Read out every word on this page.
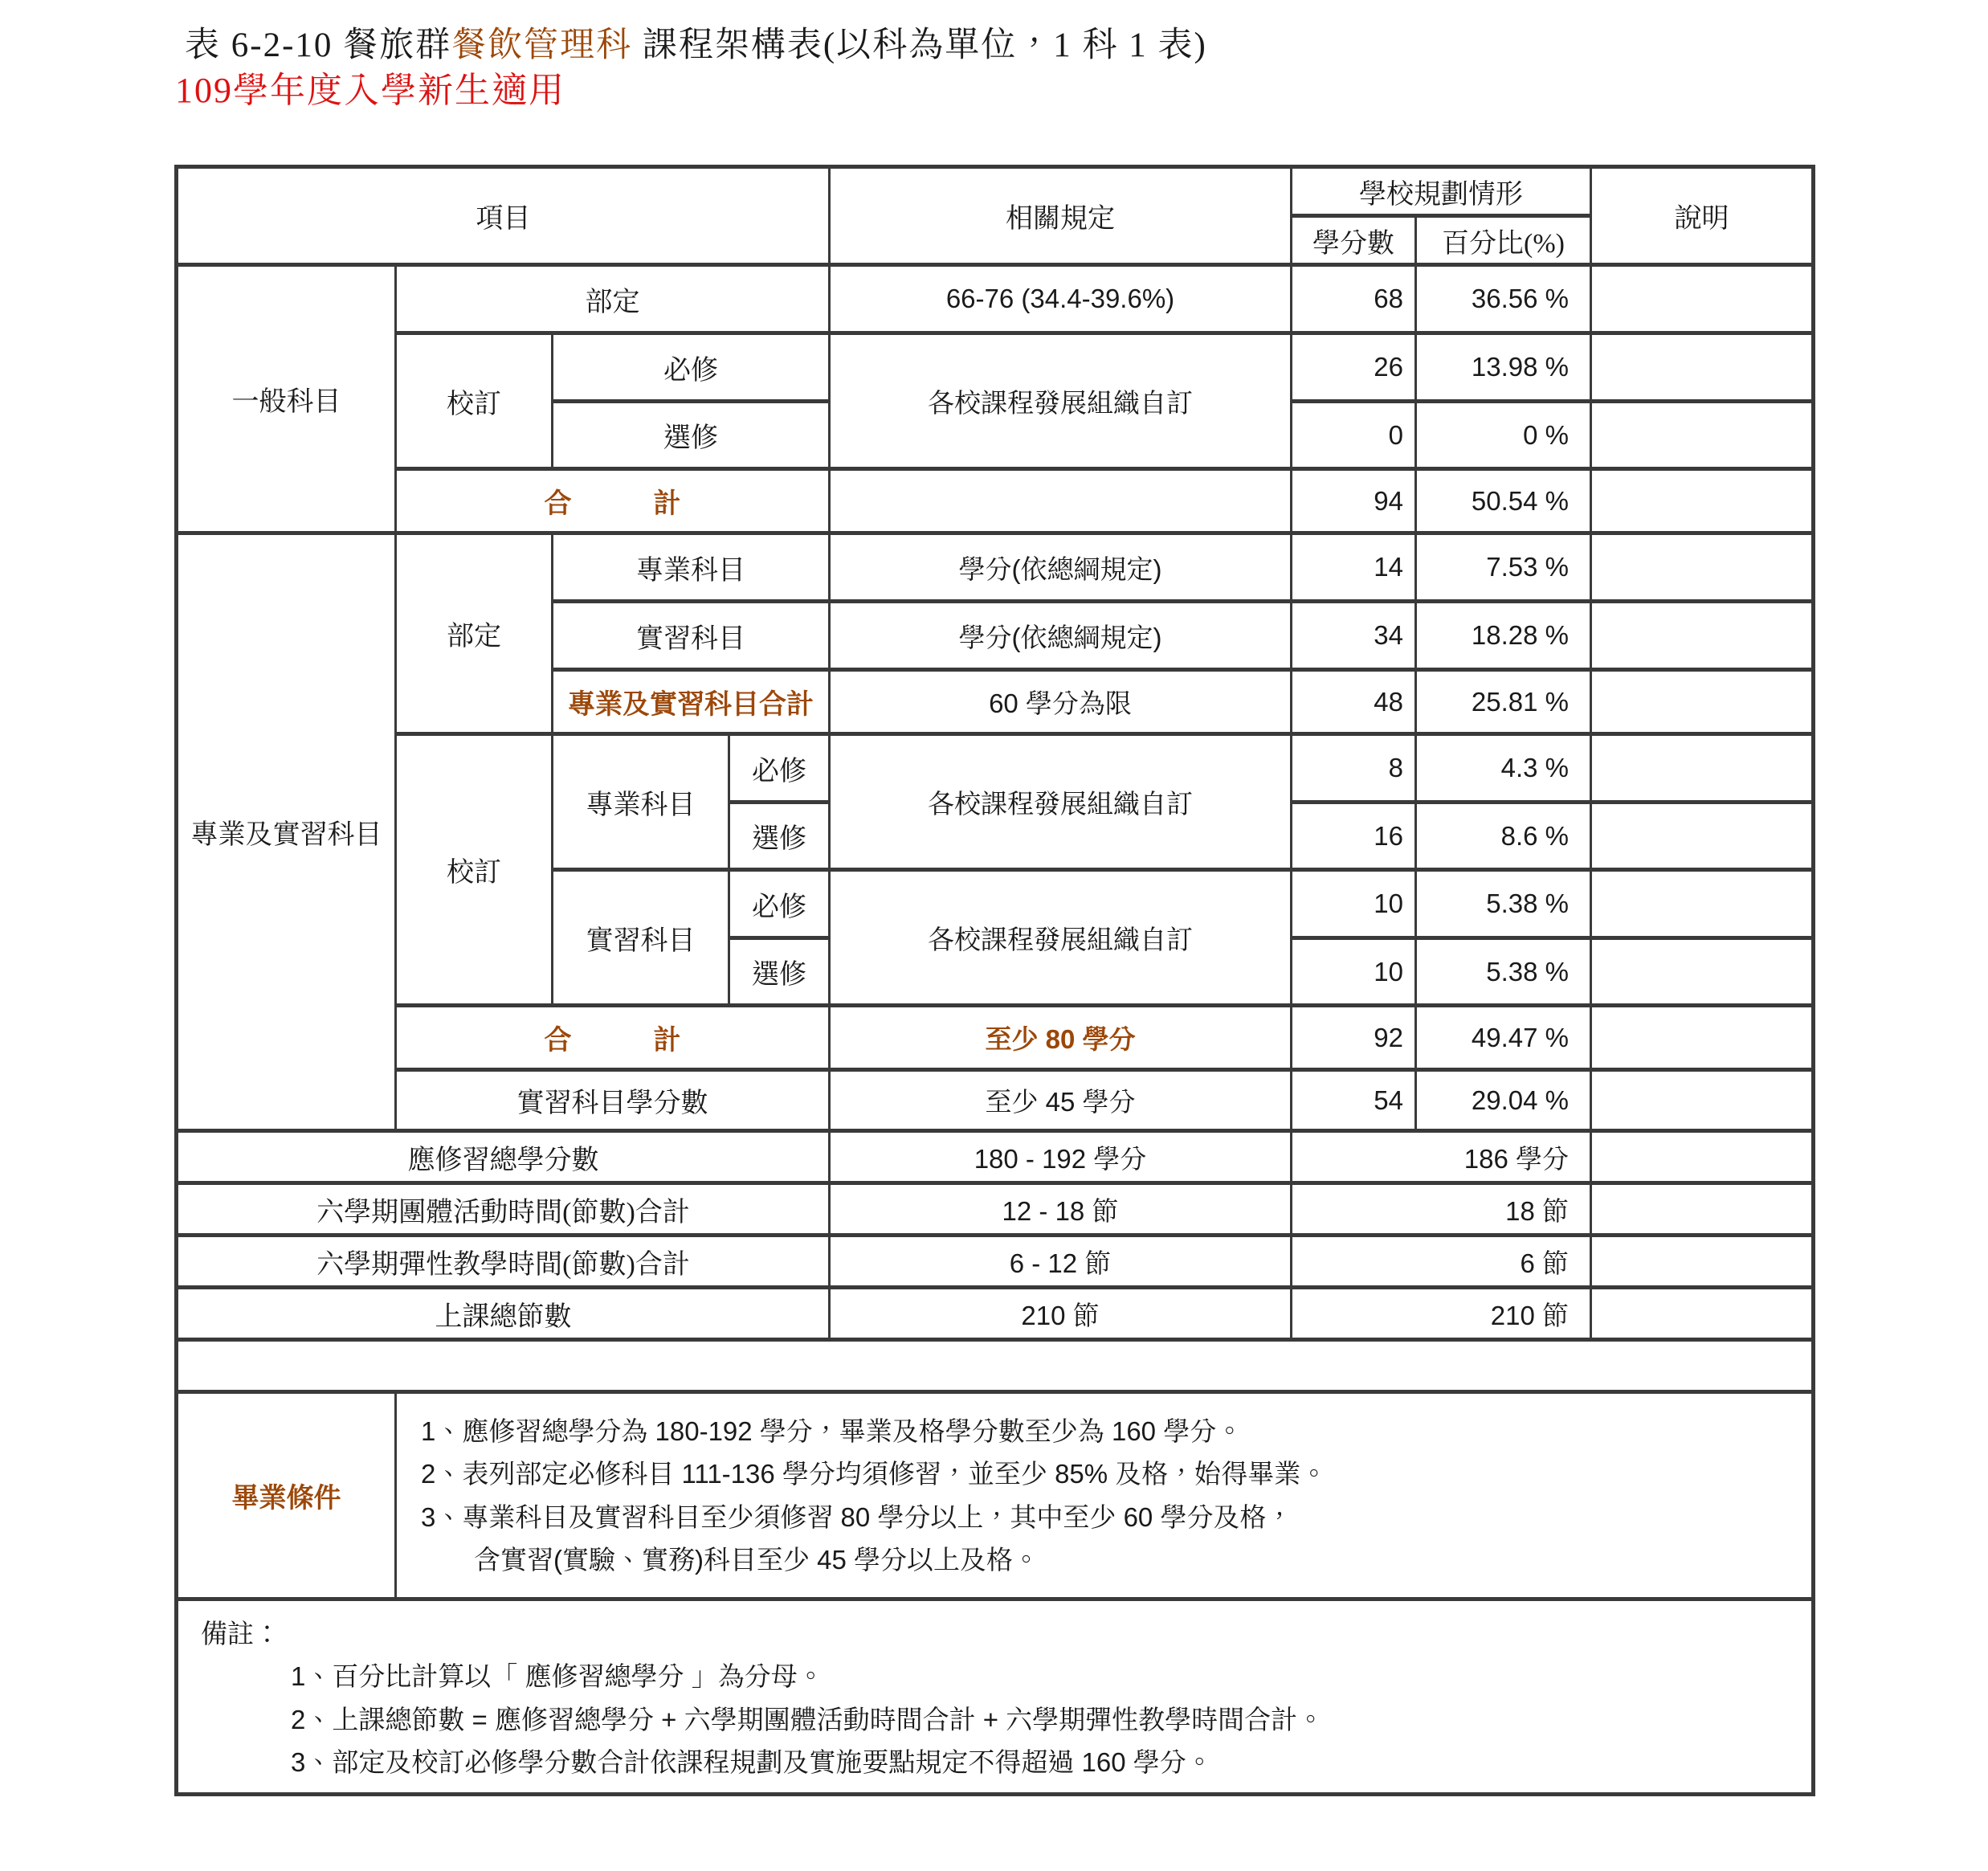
表 6-2-10 餐旅群餐飲管理科 課程架構表(以科為單位，1 科 1 表)
109學年度入學新生適用
項目				相關規定	學校規劃情形		說明
					學分數	百分比(%)	
一般科目	部定			66-76 (34.4-39.6%)	68	36.56 %	
	校訂	必修		各校課程發展組織自訂	26	13.98 %	
		選修			0	0 %	
	合　　　計				94	50.54 %	
專業及實習科目	部定	專業科目		學分(依總綱規定)	14	7.53 %	
		實習科目		學分(依總綱規定)	34	18.28 %	
		專業及實習科目合計		60 學分為限	48	25.81 %	
	校訂	專業科目	必修	各校課程發展組織自訂	8	4.3 %	
			選修		16	8.6 %	
		實習科目	必修	各校課程發展組織自訂	10	5.38 %	
			選修		10	5.38 %	
	合　　　計			至少 80 學分	92	49.47 %	
	實習科目學分數			至少 45 學分	54	29.04 %	
應修習總學分數				180 - 192 學分	186 學分		
六學期團體活動時間(節數)合計				12 - 18 節	18 節		
六學期彈性教學時間(節數)合計				6 - 12 節	6 節		
上課總節數				210 節	210 節		

畢業條件	1、應修習總學分為 180-192 學分，畢業及格學分數至少為 160 學分。
2、表列部定必修科目 111-136 學分均須修習，並至少 85% 及格，始得畢業。
3、專業科目及實習科目至少須修習 80 學分以上，其中至少 60 學分及格，
含實習(實驗、實務)科目至少 45 學分以上及格。						

備註：
1、百分比計算以「 應修習總學分 」為分母。
2、上課總節數 = 應修習總學分 + 六學期團體活動時間合計 + 六學期彈性教學時間合計。
3、部定及校訂必修學分數合計依課程規劃及實施要點規定不得超過 160 學分。							
